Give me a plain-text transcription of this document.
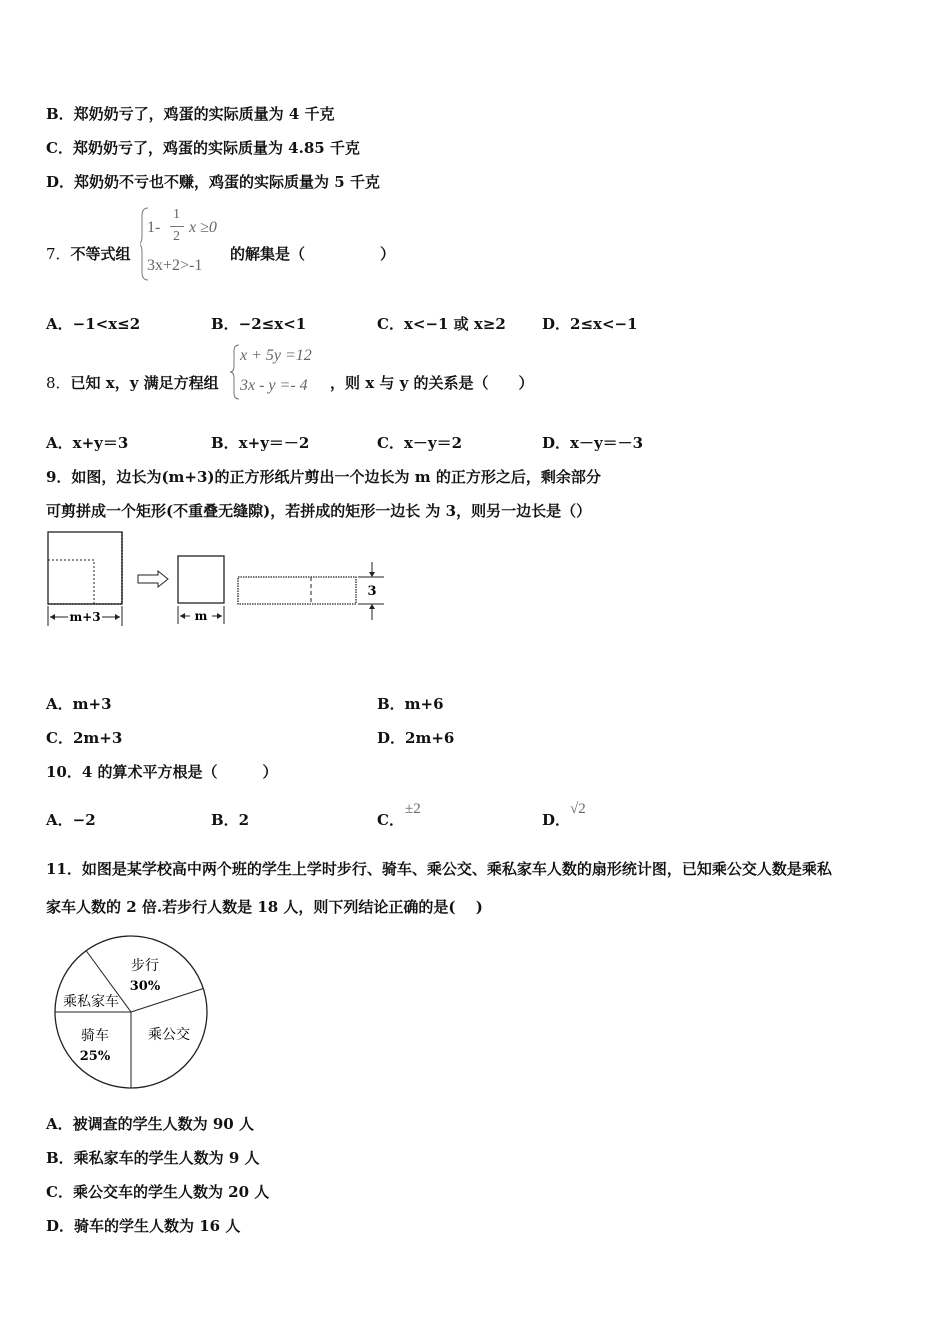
B．郑奶奶亏了，鸡蛋的实际质量为 4 千克
C．郑奶奶亏了，鸡蛋的实际质量为 4.85 千克
D．郑奶奶不亏也不赚，鸡蛋的实际质量为 5 千克
7．不等式组
1-
1
2
x ≥0
3x+2>-1
的解集是（　　　　　）
A．−1<x≤2	B．−2≤x<1	C．x<−1 或 x≥2 D．2≤x<−1
8．已知 x，y 满足方程组
x + 5y =12
3x - y =- 4 ，则 x 与 y 的关系是（　　）
A．x+y＝3	B．x+y＝－2	C．x－y＝2	D．x－y＝－3
9．如图，边长为(m+3)的正方形纸片剪出一个边长为 m 的正方形之后，剩余部分
可剪拼成一个矩形(不重叠无缝隙)，若拼成的矩形一边长 为 3，则另一边长是（）
m+3	m
3
A．m+3	B．m+6
C．2m+3	D．2m+6
10．4 的算术平方根是（　　　）
A．−2	B．2	C．
±2
D．
√2
11．如图是某学校高中两个班的学生上学时步行、骑车、乘公交、乘私家车人数的扇形统计图，已知乘公交人数是乘私
家车人数的 2 倍.若步行人数是 18 人，则下列结论正确的是(　 )
步行
30%
乘私家车
骑车
25%
乘公交
A．被调查的学生人数为 90 人
B．乘私家车的学生人数为 9 人
C．乘公交车的学生人数为 20 人
D．骑车的学生人数为 16 人
